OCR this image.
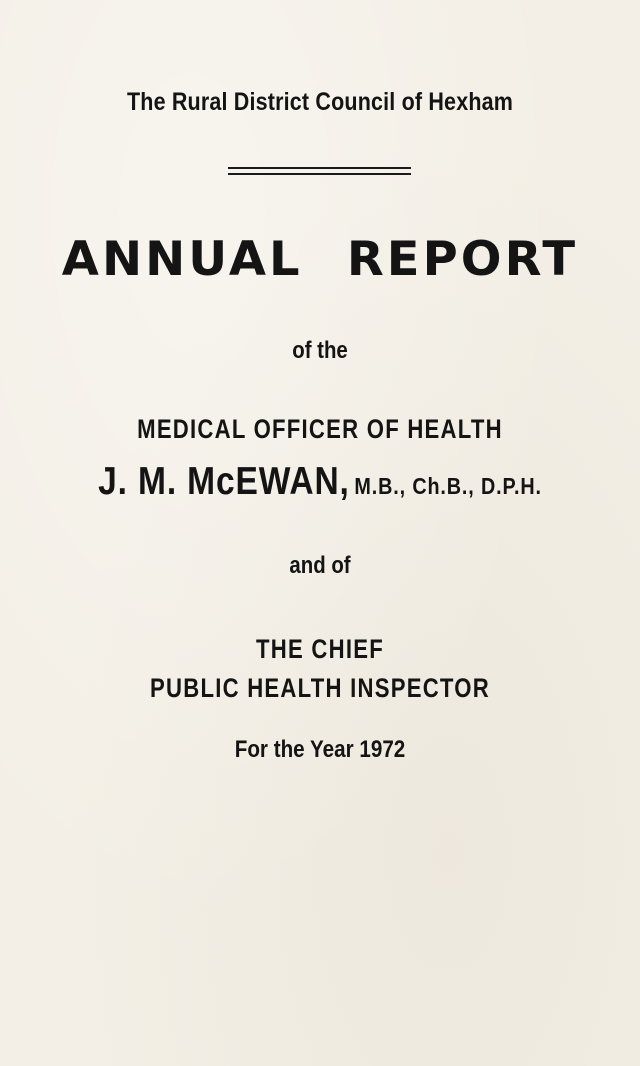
The Rural District Council of Hexham
ANNUAL REPORT
of the
MEDICAL OFFICER OF HEALTH
J. M. McEWAN, M.B., Ch.B., D.P.H.
and of
THE CHIEF
PUBLIC HEALTH INSPECTOR
For the Year 1972
